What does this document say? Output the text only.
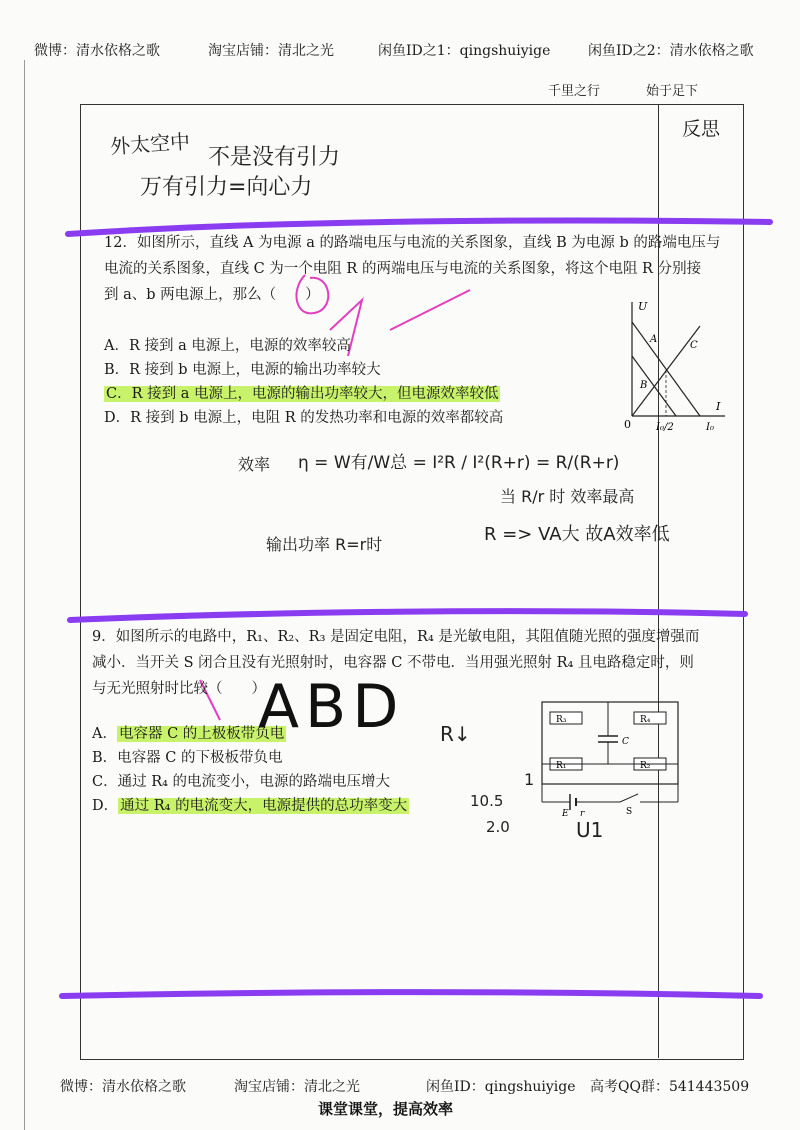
微博：清水依格之歌	淘宝店铺：清北之光	闲鱼ID之1：qingshuiyige	闲鱼ID之2：清水依格之歌
千里之行	始于足下
反思
外太空中 不是没有引力
万有引力=向心力
12．如图所示，直线 A 为电源 a 的路端电压与电流的关系图象，直线 B 为电源 b 的路端电压与
电流的关系图象，直线 C 为一个电阻 R 的两端电压与电流的关系图象，将这个电阻 R 分别接
到 a、b 两电源上，那么（　　）
A．R 接到 a 电源上，电源的效率较高
B．R 接到 b 电源上，电源的输出功率较大
C．R 接到 a 电源上，电源的输出功率较大，但电源效率较低
D．R 接到 b 电源上，电阻 R 的发热功率和电源的效率都较高
U
I
0
A
B
C
I₀/2	I₀
效率 η = W有/W总 = I²R / I²(R+r) = R/(R+r)
当 R/r 时 效率最高
输出功率 R=r时	R => VA大 故A效率低
9．如图所示的电路中，R₁、R₂、R₃ 是固定电阻，R₄ 是光敏电阻，其阻值随光照的强度增强而
减小．当开关 S 闭合且没有光照射时，电容器 C 不带电．当用强光照射 R₄ 且电路稳定时，则
与无光照射时比较（　　）
A． 电容器 C 的上极板带负电
B．电容器 C 的下极板带负电
C．通过 R₄ 的电流变小，电源的路端电压增大
D． 通过 R₄ 的电流变大，电源提供的总功率变大
ABD R↓
1
10.5
2.0	U1
R₃	R₄
R₁	R₂
C
E r	S
微博：清水依格之歌	淘宝店铺：清北之光	闲鱼ID：qingshuiyige 高考QQ群：541443509
课堂课堂，提高效率
